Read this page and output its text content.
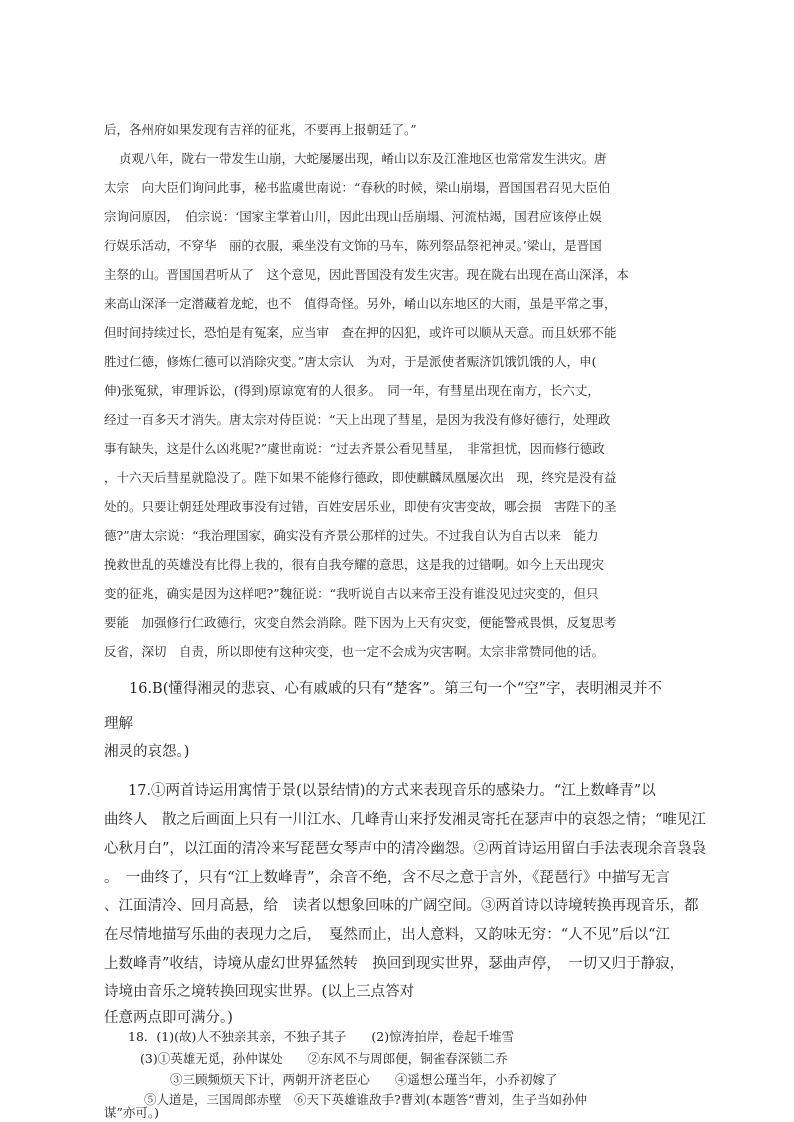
后，各州府如果发现有吉祥的征兆，不要再上报朝廷了。”
贞观八年，陇右一带发生山崩，大蛇屡屡出现，崤山以东及江淮地区也常常发生洪灾。唐
太宗　向大臣们询问此事，秘书监虞世南说：“春秋的时候，梁山崩塌，晋国国君召见大臣伯
宗询问原因，　伯宗说：‘国家主掌着山川，因此出现山岳崩塌、河流枯竭，国君应该停止娱
行娱乐活动，不穿华　丽的衣服，乘坐没有文饰的马车，陈列祭品祭祀神灵。’梁山，是晋国
主祭的山。晋国国君听从了　这个意见，因此晋国没有发生灾害。现在陇右出现在高山深泽，本
来高山深泽一定潜藏着龙蛇，也不　值得奇怪。另外，崤山以东地区的大雨，虽是平常之事，
但时间持续过长，恐怕是有冤案，应当审　查在押的囚犯，或许可以顺从天意。而且妖邪不能
胜过仁德，修炼仁德可以消除灾变。”唐太宗认　为对，于是派使者赈济饥饿饥饿的人，申(
伸)张冤狱，审理诉讼，(得到)原谅宽宥的人很多。　同一年，有彗星出现在南方，长六丈，
经过一百多天才消失。唐太宗对侍臣说：“天上出现了彗星，是因为我没有修好德行，处理政
事有缺失，这是什么凶兆呢?”虞世南说：“过去齐景公看见彗星，　非常担忧，因而修行德政
，十六天后彗星就隐没了。陛下如果不能修行德政，即使麒麟凤凰屡次出　现，终究是没有益
处的。只要让朝廷处理政事没有过错，百姓安居乐业，即使有灾害变故，哪会损　害陛下的圣
德?”唐太宗说：“我治理国家，确实没有齐景公那样的过失。不过我自认为自古以来　能力
挽救世乱的英雄没有比得上我的，很有自我夸耀的意思，这是我的过错啊。如今上天出现灾
变的征兆，确实是因为这样吧?”魏征说：“我听说自古以来帝王没有谁没见过灾变的，但只
要能　加强修行仁政德行，灾变自然会消除。陛下因为上天有灾变，便能警戒畏惧，反复思考
反省，深切　自责，所以即使有这种灾变，也一定不会成为灾害啊。太宗非常赞同他的话。
16.B(懂得湘灵的悲哀、心有戚戚的只有“楚客”。第三句一个“空”字，表明湘灵并不
理解
湘灵的哀怨。)
17.①两首诗运用寓情于景(以景结情)的方式来表现音乐的感染力。“江上数峰青”以
曲终人　散之后画面上只有一川江水、几峰青山来抒发湘灵寄托在瑟声中的哀怨之情；“唯见江
心秋月白”，以江面的清冷来写琵琶女琴声中的清冷幽怨。②两首诗运用留白手法表现余音袅袅
。　一曲终了，只有“江上数峰青”，余音不绝，含不尽之意于言外，《琵琶行》中描写无言
、江面清冷、回月高悬，给　读者以想象回味的广阔空间。③两首诗以诗境转换再现音乐，都
在尽情地描写乐曲的表现力之后，　戛然而止，出人意料，又韵味无穷：“人不见”后以“江
上数峰青”收结，诗境从虚幻世界猛然转　换回到现实世界，瑟曲声停，　一切又归于静寂，
诗境由音乐之境转换回现实世界。(以上三点答对
任意两点即可满分。)
18．(1)(故)人不独亲其亲，不独子其子　　(2)惊涛拍岸，卷起千堆雪
(3)①英雄无觅，孙仲谋处　　②东风不与周郎便，铜雀春深锁二乔
③三顾频烦天下计，两朝开济老臣心　　④遥想公瑾当年，小乔初嫁了
⑤人道是，三国周郎赤壁　⑥天下英雄谁敌手?曹刘(本题答“曹刘，生子当如孙仲
谋”亦可。)
